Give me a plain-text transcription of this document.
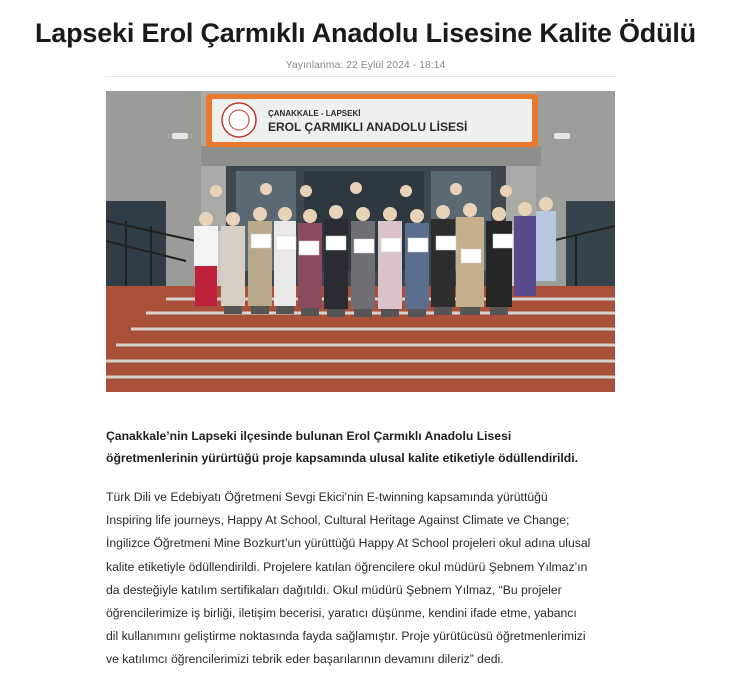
Lapseki Erol Çarmıklı Anadolu Lisesine Kalite Ödülü
Yayınlanma: 22 Eylül 2024 - 18:14
ÇANAKKALE - LAPSEKİ
EROL ÇARMIKLI ANADOLU LİSESİ

Çanakkale’nin Lapseki ilçesinde bulunan Erol Çarmıklı Anadolu Lisesi
öğretmenlerinin yürürtüğü proje kapsamında ulusal kalite etiketiyle ödüllendirildi.

Türk Dili ve Edebiyatı Öğretmeni Sevgi Ekici’nin E-twinning kapsamında yürüttüğü
Inspiring life journeys, Happy At School, Cultural Heritage Against Climate ve Change;
İngilizce Öğretmeni Mine Bozkurt’un yürüttüğü Happy At School projeleri okul adına ulusal
kalite etiketiyle ödüllendirildi. Projelere katılan öğrencilere okul müdürü Şebnem Yılmaz’ın
da desteğiyle katılım sertifikaları dağıtıldı. Okul müdürü Şebnem Yılmaz, “Bu projeler
öğrencilerimize iş birliği, iletişim becerisi, yaratıcı düşünme, kendini ifade etme, yabancı
dil kullanımını geliştirme noktasında fayda sağlamıştır. Proje yürütücüsü öğretmenlerimizi
ve katılımcı öğrencilerimizi tebrik eder başarılarının devamını dileriz” dedi.
